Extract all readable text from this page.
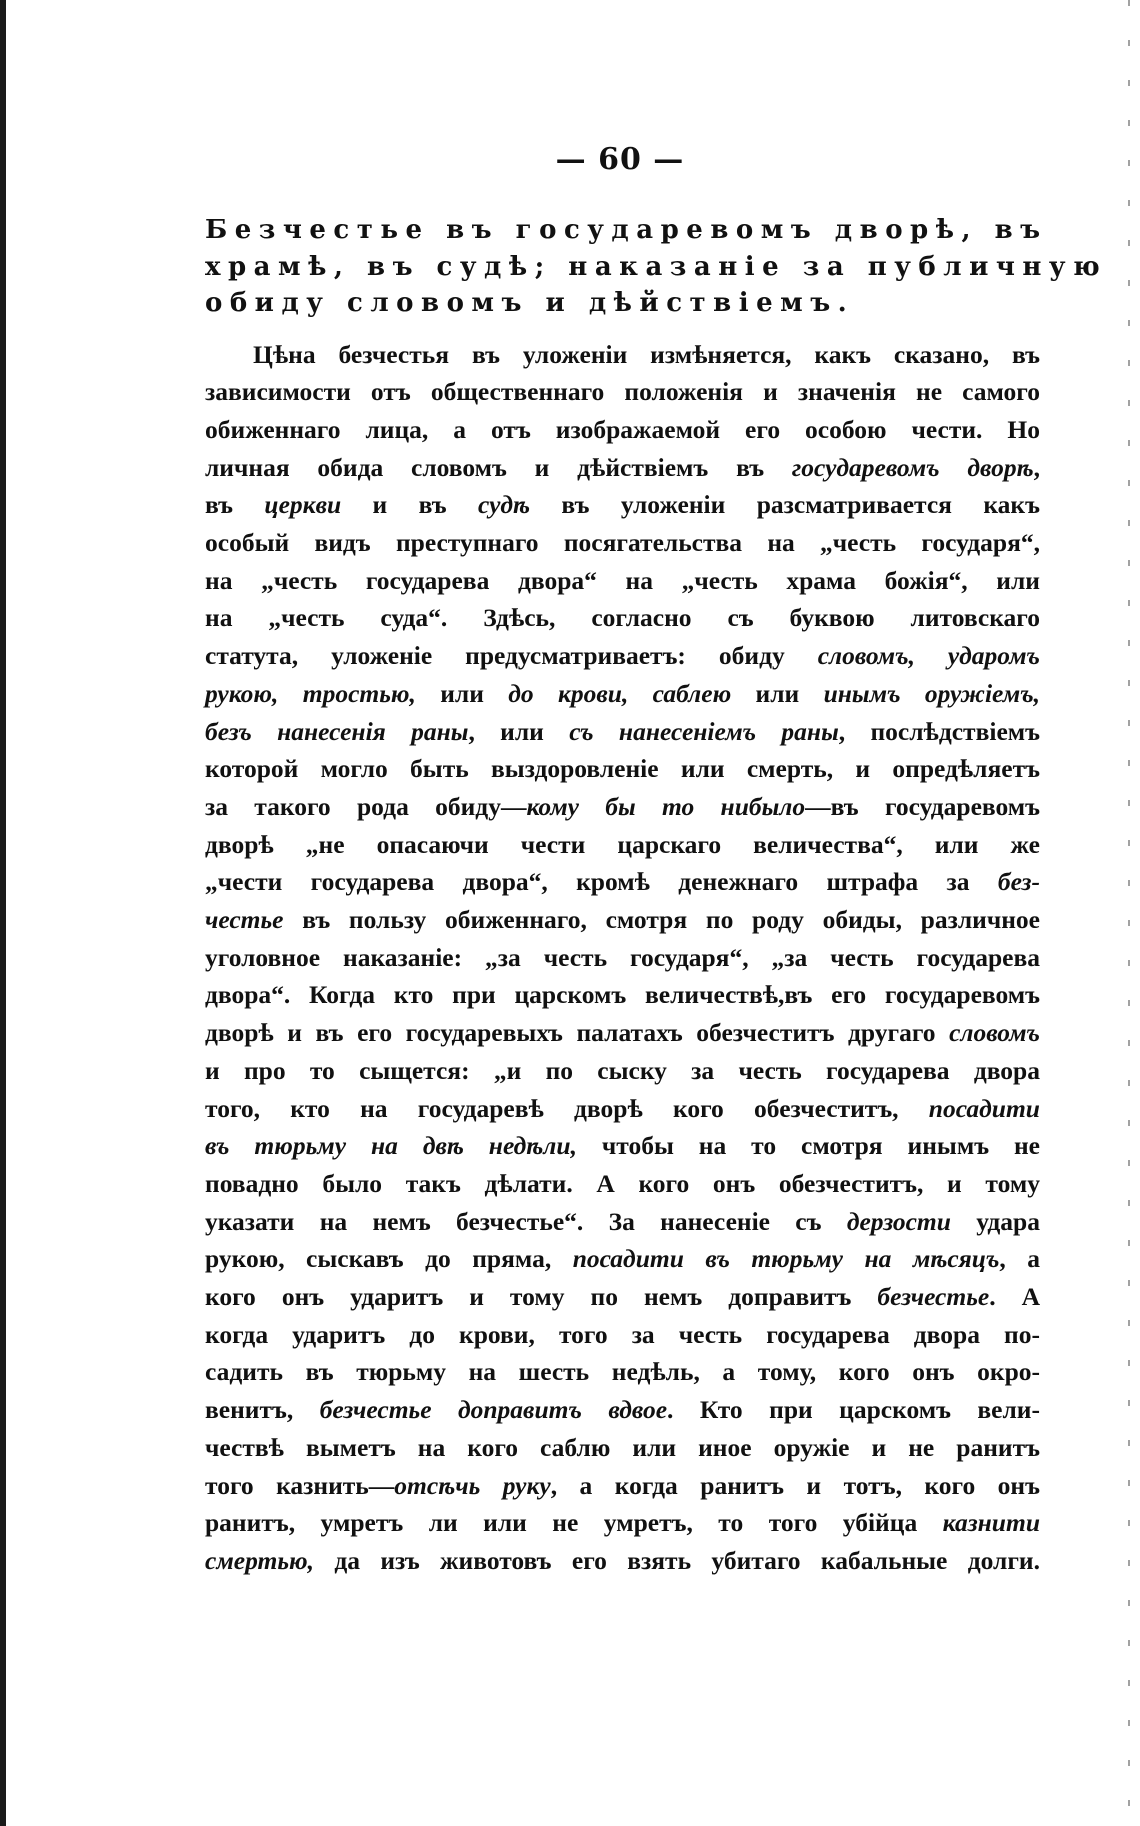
— 60 —
Безчестье въ государевомъ дворѣ, въ
храмѣ, въ судѣ; наказаніе за публичную
обиду словомъ и дѣйствіемъ.
Цѣна безчестья въ уложеніи измѣняется, какъ сказано, въ
зависимости отъ общественнаго положенія и значенія не самого
обиженнаго лица, а отъ изображаемой его особою чести. Но
личная обида словомъ и дѣйствіемъ въ государевомъ дворѣ,
въ церкви и въ судѣ въ уложеніи разсматривается какъ
особый видъ преступнаго посягательства на „честь государя“,
на „честь государева двора“ на „честь храма божія“, или
на „честь суда“. Здѣсь, согласно съ буквою литовскаго
статута, уложеніе предусматриваетъ: обиду словомъ, ударомъ
рукою, тростью, или до крови, саблею или инымъ оружіемъ,
безъ нанесенія раны, или съ нанесеніемъ раны, послѣдствіемъ
которой могло быть выздоровленіе или смерть, и опредѣляетъ
за такого рода обиду—кому бы то нибыло—въ государевомъ
дворѣ „не опасаючи чести царскаго величества“, или же
„чести государева двора“, кромѣ денежнаго штрафа за без-
честье въ пользу обиженнаго, смотря по роду обиды, различное
уголовное наказаніе: „за честь государя“, „за честь государева
двора“. Когда кто при царскомъ величествѣ,въ его государевомъ
дворѣ и въ его государевыхъ палатахъ обезчеститъ другаго словомъ
и про то сыщется: „и по сыску за честь государева двора
того, кто на государевѣ дворѣ кого обезчеститъ, посадити
въ тюрьму на двѣ недѣли, чтобы на то смотря инымъ не
повадно было такъ дѣлати. А кого онъ обезчеститъ, и тому
указати на немъ безчестье“. За нанесеніе съ дерзости удара
рукою, сыскавъ до пряма, посадити въ тюрьму на мѣсяцъ, а
кого онъ ударитъ и тому по немъ доправитъ безчестье. А
когда ударитъ до крови, того за честь государева двора по-
садить въ тюрьму на шесть недѣль, а тому, кого онъ окро-
венитъ, безчестье доправитъ вдвое. Кто при царскомъ вели-
чествѣ выметъ на кого саблю или иное оружіе и не ранитъ
того казнить—отсѣчь руку, а когда ранитъ и тотъ, кого онъ
ранитъ, умретъ ли или не умретъ, то того убійца казнити
смертью, да изъ животовъ его взять убитаго кабальные долги.
